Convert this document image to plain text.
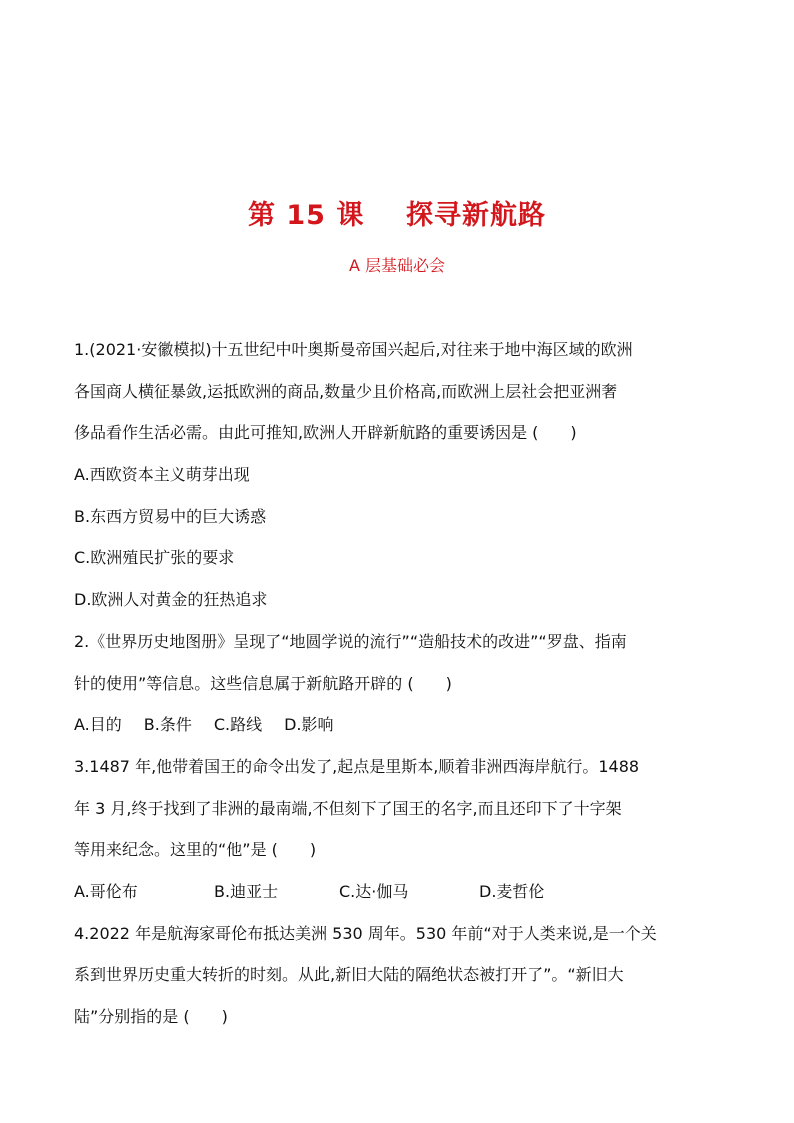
第 15 课    探寻新航路
A 层基础必会
1.(2021·安徽模拟)十五世纪中叶奥斯曼帝国兴起后,对往来于地中海区域的欧洲
各国商人横征暴敛,运抵欧洲的商品,数量少且价格高,而欧洲上层社会把亚洲奢
侈品看作生活必需。由此可推知,欧洲人开辟新航路的重要诱因是 (　　)
A.西欧资本主义萌芽出现
B.东西方贸易中的巨大诱惑
C.欧洲殖民扩张的要求
D.欧洲人对黄金的狂热追求
2.《世界历史地图册》呈现了“地圆学说的流行”“造船技术的改进”“罗盘、指南
针的使用”等信息。这些信息属于新航路开辟的 (　　)
A.目的 B.条件 C.路线 D.影响
3.1487 年,他带着国王的命令出发了,起点是里斯本,顺着非洲西海岸航行。1488
年 3 月,终于找到了非洲的最南端,不但刻下了国王的名字,而且还印下了十字架
等用来纪念。这里的“他”是 (　　)
A.哥伦布	B.迪亚士	C.达·伽马	D.麦哲伦
4.2022 年是航海家哥伦布抵达美洲 530 周年。530 年前“对于人类来说,是一个关
系到世界历史重大转折的时刻。从此,新旧大陆的隔绝状态被打开了”。“新旧大
陆”分别指的是 (　　)
